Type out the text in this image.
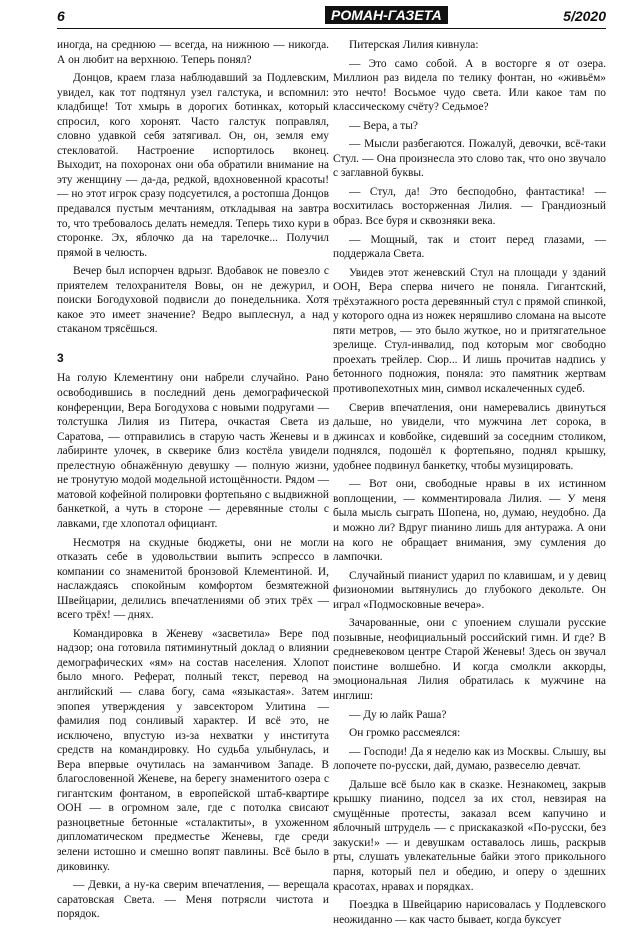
6	РОМАН-ГАЗЕТА	5/2020

иногда, на среднюю — всегда, на нижнюю — никогда. А он любит на верхнюю. Теперь понял?

Донцов, краем глаза наблюдавший за Подлевским, увидел, как тот подтянул узел галстука, и вспомнил: кладбище! Тот хмырь в дорогих ботинках, который спросил, кого хоронят. Часто галстук поправлял, словно удавкой себя затягивал. Он, он, земля ему стекловатой. Настроение испортилось вконец. Выходит, на похоронах они оба обратили внимание на эту женщину — да-да, редкой, вдохновенной красоты! — но этот игрок сразу подсуетился, а ростопша Донцов предавался пустым мечтаниям, откладывая на завтра то, что требовалось делать немедля. Теперь тихо кури в сторонке. Эх, яблочко да на тарелочке... Получил прямой в челюсть.

Вечер был испорчен вдрызг. Вдобавок не повезло с приятелем телохранителя Вовы, он не дежурил, и поиски Богодуховой подвисли до понедельника. Хотя какое это имеет значение? Ведро выплеснул, а над стаканом трясёшься.

3

На голую Клементину они набрели случайно. Рано освободившись в последний день демографической конференции, Вера Богодухова с новыми подругами — толстушка Лилия из Питера, очкастая Света из Саратова, — отправились в старую часть Женевы и в лабиринте улочек, в скверике близ костёла увидели прелестную обнажённую девушку — полную жизни, не тронутую модой модельной истощённости. Рядом — матовой кофейной полировки фортепьяно с выдвижной банкеткой, а чуть в стороне — деревянные столы с лавками, где хлопотал официант.

Несмотря на скудные бюджеты, они не могли отказать себе в удовольствии выпить эспрессо в компании со знаменитой бронзовой Клементиной. И, наслаждаясь спокойным комфортом безмятежной Швейцарии, делились впечатлениями об этих трёх — всего трёх! — днях.

Командировка в Женеву «засветила» Вере под надзор; она готовила пятиминутный доклад о влиянии демографических «ям» на состав населения. Хлопот было много. Реферат, полный текст, перевод на английский — слава богу, сама «языкастая». Затем эпопея утверждения у завсектором Улитина — фамилия под сонливый характер. И всё это, не исключено, впустую из-за нехватки у института средств на командировку. Но судьба улыбнулась, и Вера впервые очутилась на заманчивом Западе. В благословенной Женеве, на берегу знаменитого озера с гигантским фонтаном, в европейской штаб-квартире ООН — в огромном зале, где с потолка свисают разноцветные бетонные «сталактиты», в ухоженном дипломатическом предместье Женевы, где среди зелени истошно и смешно вопят павлины. Всё было в диковинку.

— Девки, а ну-ка сверим впечатления, — верещала саратовская Света. — Меня потрясли чистота и порядок.

Питерская Лилия кивнула:

— Это само собой. А в восторге я от озера. Миллион раз видела по телику фонтан, но «живьём» это нечто! Восьмое чудо света. Или какое там по классическому счёту? Седьмое?

— Вера, а ты?

— Мысли разбегаются. Пожалуй, девочки, всё-таки Стул. — Она произнесла это слово так, что оно звучало с заглавной буквы.

— Стул, да! Это бесподобно, фантастика! — восхитилась восторженная Лилия. — Грандиозный образ. Все буря и сквозняки века.

— Мощный, так и стоит перед глазами, — поддержала Света.

Увидев этот женевский Стул на площади у зданий ООН, Вера сперва ничего не поняла. Гигантский, трёхэтажного роста деревянный стул с прямой спинкой, у которого одна из ножек неряшливо сломана на высоте пяти метров, — это было жуткое, но и притягательное зрелище. Стул-инвалид, под которым мог свободно проехать трейлер. Сюр... И лишь прочитав надпись у бетонного подножия, поняла: это памятник жертвам противопехотных мин, символ искалеченных судеб.

Сверив впечатления, они намеревались двинуться дальше, но увидели, что мужчина лет сорока, в джинсах и ковбойке, сидевший за соседним столиком, поднялся, подошёл к фортепьяно, поднял крышку, удобнее подвинул банкетку, чтобы музицировать.

— Вот они, свободные нравы в их истинном воплощении, — комментировала Лилия. — У меня была мысль сыграть Шопена, но, думаю, неудобно. Да и можно ли? Вдруг пианино лишь для антуража. А они на кого не обращает внимания, эму сумления до лампочки.

Случайный пианист ударил по клавишам, и у девиц физиономии вытянулись до глубокого декольте. Он играл «Подмосковные вечера».

Зачарованные, они с упоением слушали русские позывные, неофициальный российский гимн. И где? В средневековом центре Старой Женевы! Здесь он звучал поистине волшебно. И когда смолкли аккорды, эмоциональная Лилия обратилась к мужчине на инглиш:

— Ду ю лайк Раша?

Он громко рассмеялся:

— Господи! Да я неделю как из Москвы. Слышу, вы лопочете по-русски, дай, думаю, развеселю девчат.

Дальше всё было как в сказке. Незнакомец, закрыв крышку пианино, подсел за их стол, невзирая на смущённые протесты, заказал всем капучино и яблочный штрудель — с прискаказкой «По-русски, без закуски!» — и девушкам оставалось лишь, раскрыв рты, слушать увлекательные байки этого прикольного парня, который пел и обедию, и оперу о здешних красотах, нравах и порядках.

Поездка в Швейцарию нарисовалась у Подлевского неожиданно — как часто бывает, когда буксует
